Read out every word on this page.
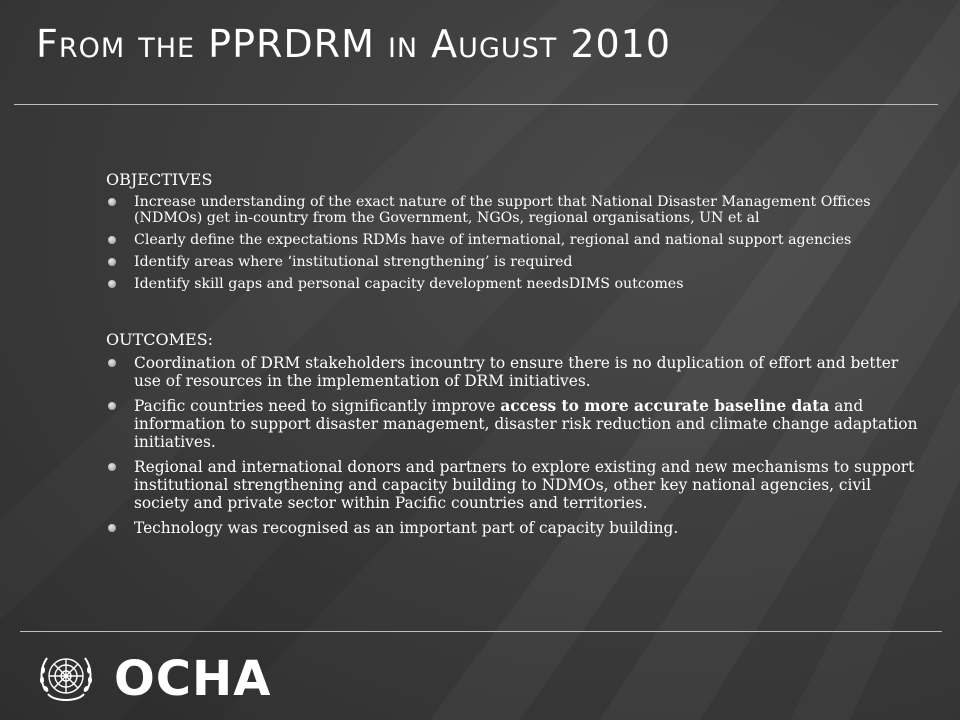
From the PPRDRM in August 2010
OBJECTIVES
Increase understanding of the exact nature of the support that National Disaster Management Offices (NDMOs) get in-country from the Government, NGOs, regional organisations, UN et al
Clearly define the expectations RDMs have of international, regional and national support agencies
Identify areas where ‘institutional strengthening’ is required
Identify skill gaps and personal capacity development needsDIMS outcomes
OUTCOMES:
Coordination of DRM stakeholders incountry to ensure there is no duplication of effort and better use of resources in the implementation of DRM initiatives.
Pacific countries need to significantly improve access to more accurate baseline data and information to support disaster management, disaster risk reduction and climate change adaptation initiatives.
Regional and international donors and partners to explore existing and new mechanisms to support institutional strengthening and capacity building to NDMOs, other key national agencies, civil society and private sector within Pacific countries and territories.
Technology was recognised as an important part of capacity building.
OCHA
